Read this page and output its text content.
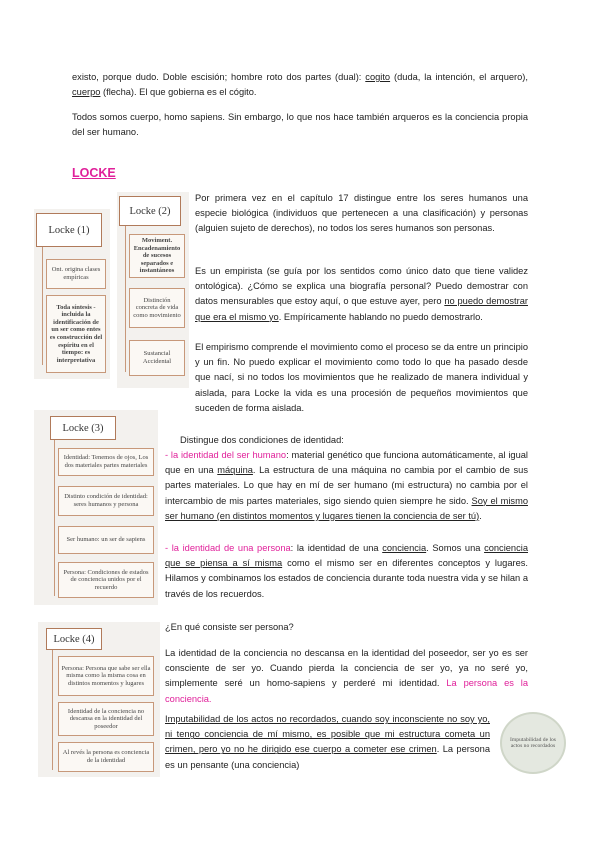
existo, porque dudo. Doble escisión; hombre roto dos partes (dual): cogito (duda, la intención, el arquero), cuerpo (flecha). El que gobierna es el cógito.

Todos somos cuerpo, homo sapiens. Sin embargo, lo que nos hace también arqueros es la conciencia propia del ser humano.

LOCKE
Locke (1)
Ont. origina clases empíricas
Toda síntesis -incluida la identificación de un ser como entes es construcción del espíritu en el tiempo: es interpretativa
Locke (2)
Moviment. Encadenamiento de sucesos separados e instantáneos
Distinción concreta de vida como movimiento
Sustancial Accidental

Por primera vez en el capítulo 17 distingue entre los seres humanos una especie biológica (individuos que pertenecen a una clasificación) y personas (alguien sujeto de derechos), no todos los seres humanos son personas.

Es un empirista (se guía por los sentidos como único dato que tiene validez ontológica). ¿Cómo se explica una biografía personal? Puedo demostrar con datos mensurables que estoy aquí, o que estuve ayer, pero no puedo demostrar que era el mismo yo. Empíricamente hablando no puedo demostrarlo.

El empirismo comprende el movimiento como el proceso se da entre un principio y un fin. No puedo explicar el movimiento como todo lo que ha pasado desde que nací, si no todos los movimientos que he realizado de manera individual y aislada, para Locke la vida es una procesión de pequeños movimientos que suceden de forma aislada.

Locke (3)
Identidad: Tenemos de ojos, Los dos materiales partes materiales
Distinto condición de identidad: seres humanos y persona
Ser humano: un ser de sapiens
Persona: Condiciones de estados de conciencia unidos por el recuerdo

Distingue dos condiciones de identidad:

- la identidad del ser humano: material genético que funciona automáticamente, al igual que en una máquina. La estructura de una máquina no cambia por el cambio de sus partes materiales. Lo que hay en mí de ser humano (mi estructura) no cambia por el intercambio de mis partes materiales, sigo siendo quien siempre he sido. Soy el mismo ser humano (en distintos momentos y lugares tienen la conciencia de ser tú).

- la identidad de una persona: la identidad de una conciencia. Somos una conciencia que se piensa a sí misma como el mismo ser en diferentes conceptos y lugares. Hilamos y combinamos los estados de conciencia durante toda nuestra vida y se hilan a través de los recuerdos.

Locke (4)
Persona: Persona que sabe ser ella misma como la misma cosa en distintos momentos y lugares
Identidad de la conciencia no descansa en la identidad del poseedor
Al revés la persona es conciencia de la identidad

¿En qué consiste ser persona?

La identidad de la conciencia no descansa en la identidad del poseedor, ser yo es ser consciente de ser yo. Cuando pierda la conciencia de ser yo, ya no seré yo, simplemente seré un homo-sapiens y perderé mi identidad. La persona es la conciencia.

Imputabilidad de los actos no recordados, cuando soy inconsciente no soy yo, ni tengo conciencia de mí mismo, es posible que mi estructura cometa un crimen, pero yo no he dirigido ese cuerpo a cometer ese crimen. La persona es un pensante (una conciencia)

Imputabilidad de los actos no recordados
